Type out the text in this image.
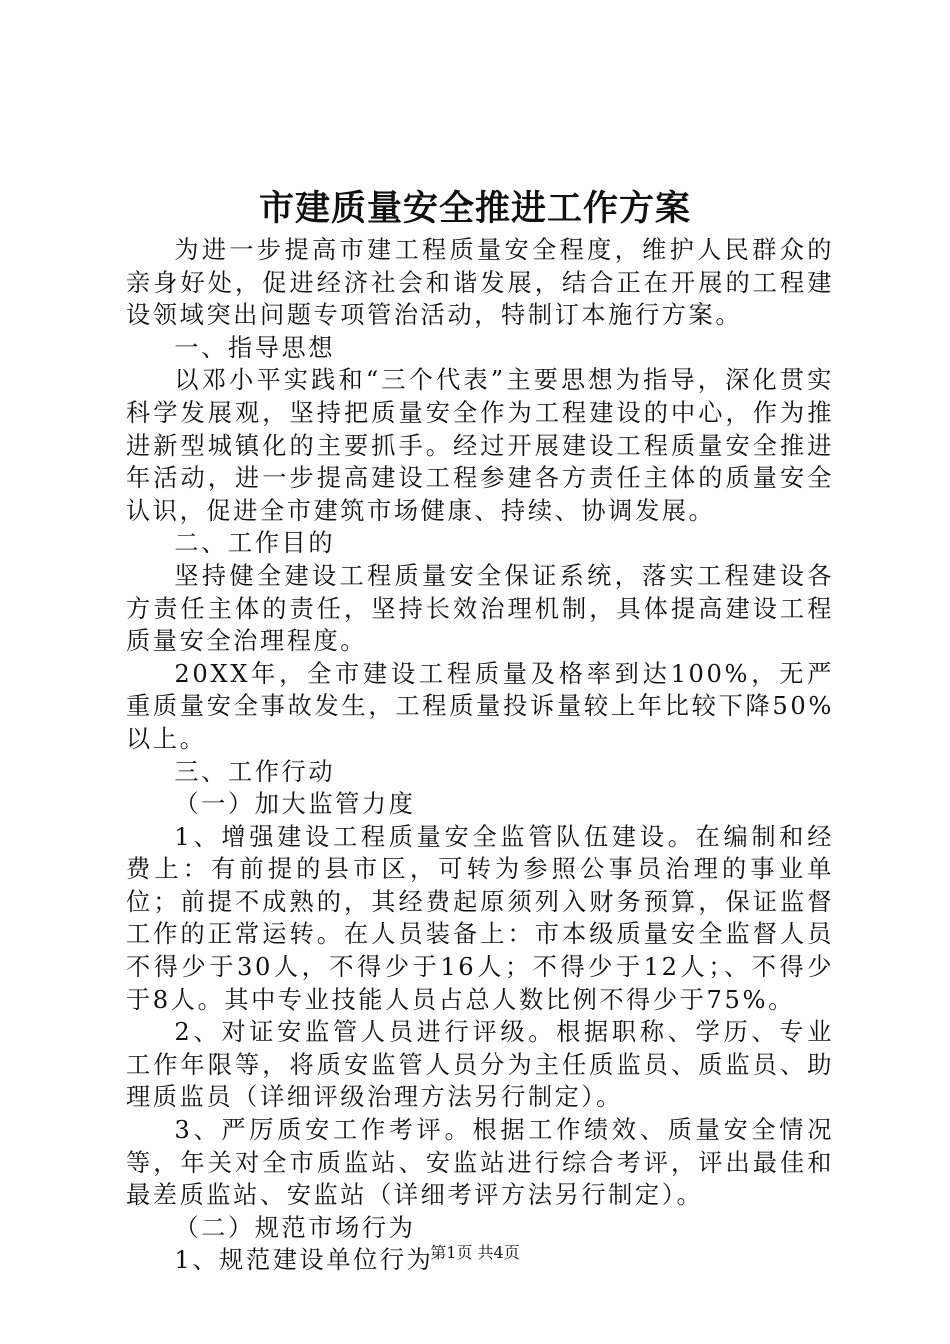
市建质量安全推进工作方案

为进一步提高市建工程质量安全程度，维护人民群众的亲身好处，促进经济社会和谐发展，结合正在开展的工程建设领域突出问题专项管治活动，特制订本施行方案。

一、指导思想

以邓小平实践和“三个代表”主要思想为指导，深化贯实科学发展观，坚持把质量安全作为工程建设的中心，作为推进新型城镇化的主要抓手。经过开展建设工程质量安全推进年活动，进一步提高建设工程参建各方责任主体的质量安全认识，促进全市建筑市场健康、持续、协调发展。

二、工作目的

坚持健全建设工程质量安全保证系统，落实工程建设各方责任主体的责任，坚持长效治理机制，具体提高建设工程质量安全治理程度。

20XX年，全市建设工程质量及格率到达100%，无严重质量安全事故发生，工程质量投诉量较上年比较下降50%以上。

三、工作行动

（一）加大监管力度

1、增强建设工程质量安全监管队伍建设。在编制和经费上：有前提的县市区，可转为参照公事员治理的事业单位；前提不成熟的，其经费起原须列入财务预算，保证监督工作的正常运转。在人员装备上：市本级质量安全监督人员不得少于30人，不得少于16人；不得少于12人；、不得少于8人。其中专业技能人员占总人数比例不得少于75%。

2、对证安监管人员进行评级。根据职称、学历、专业工作年限等，将质安监管人员分为主任质监员、质监员、助理质监员（详细评级治理方法另行制定）。

3、严厉质安工作考评。根据工作绩效、质量安全情况等，年关对全市质监站、安监站进行综合考评，评出最佳和最差质监站、安监站（详细考评方法另行制定）。

（二）规范市场行为

1、规范建设单位行为

第1页 共4页
